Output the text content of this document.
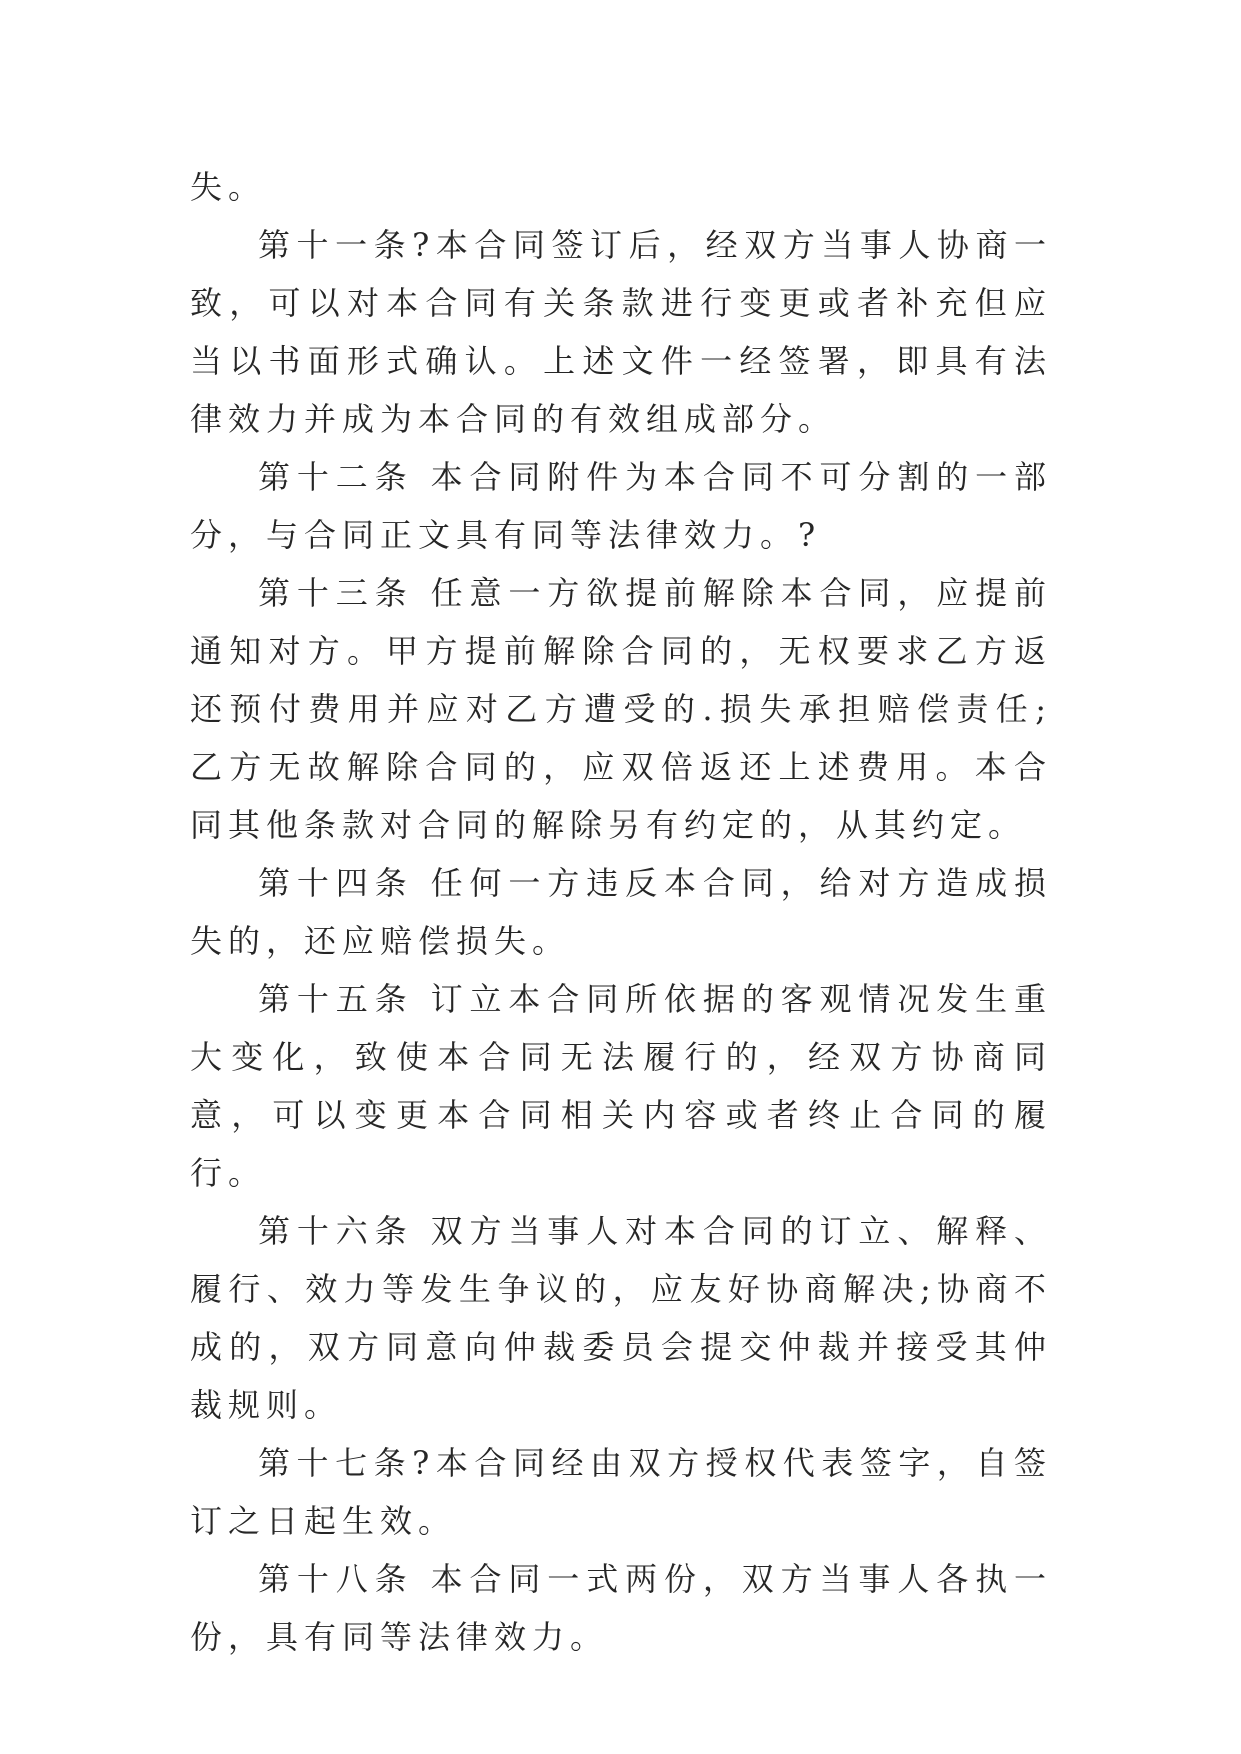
失。

第十一条?本合同签订后，经双方当事人协商一致，可以对本合同有关条款进行变更或者补充但应当以书面形式确认。上述文件一经签署，即具有法律效力并成为本合同的有效组成部分。

第十二条 本合同附件为本合同不可分割的一部分，与合同正文具有同等法律效力。?

第十三条 任意一方欲提前解除本合同，应提前通知对方。甲方提前解除合同的，无权要求乙方返还预付费用并应对乙方遭受的.损失承担赔偿责任;乙方无故解除合同的，应双倍返还上述费用。本合同其他条款对合同的解除另有约定的，从其约定。

第十四条 任何一方违反本合同，给对方造成损失的，还应赔偿损失。

第十五条 订立本合同所依据的客观情况发生重大变化，致使本合同无法履行的，经双方协商同意，可以变更本合同相关内容或者终止合同的履行。

第十六条 双方当事人对本合同的订立、解释、履行、效力等发生争议的，应友好协商解决;协商不成的，双方同意向仲裁委员会提交仲裁并接受其仲裁规则。

第十七条?本合同经由双方授权代表签字，自签订之日起生效。

第十八条 本合同一式两份，双方当事人各执一份，具有同等法律效力。
